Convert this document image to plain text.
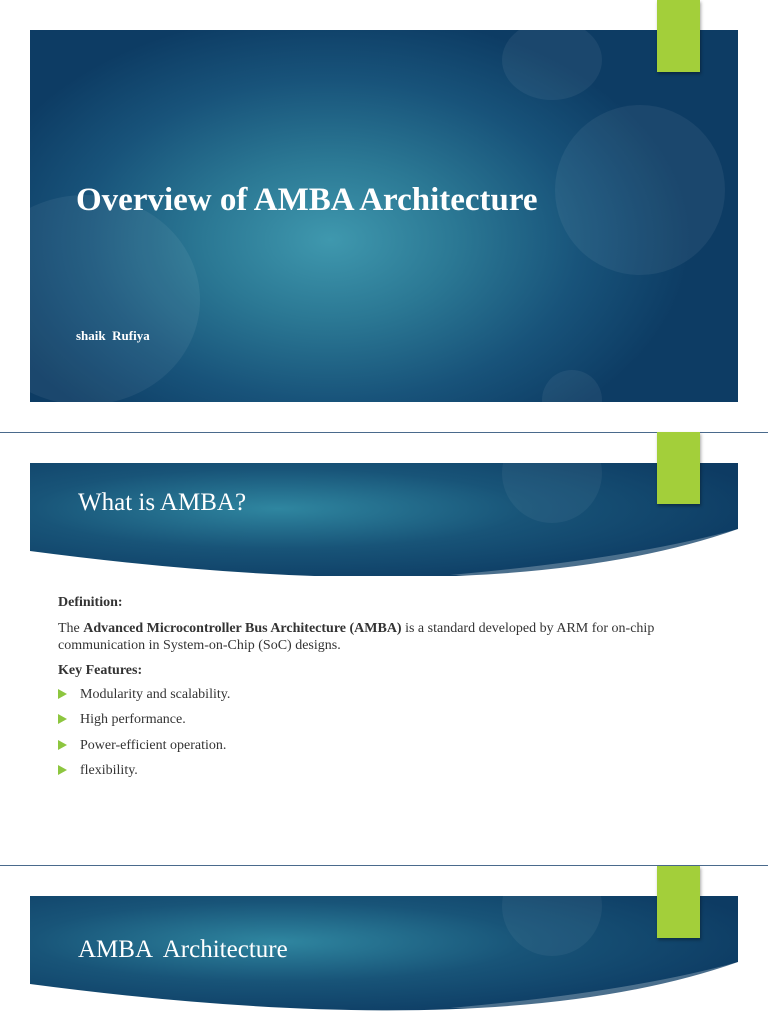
Overview of AMBA Architecture
shaik  Rufiya
What is AMBA?
Definition:
The Advanced Microcontroller Bus Architecture (AMBA) is a standard developed by ARM for on-chip
communication in System-on-Chip (SoC) designs.
Key Features:
Modularity and scalability.
High performance.
Power-efficient operation.
flexibility.
AMBA  Architecture
